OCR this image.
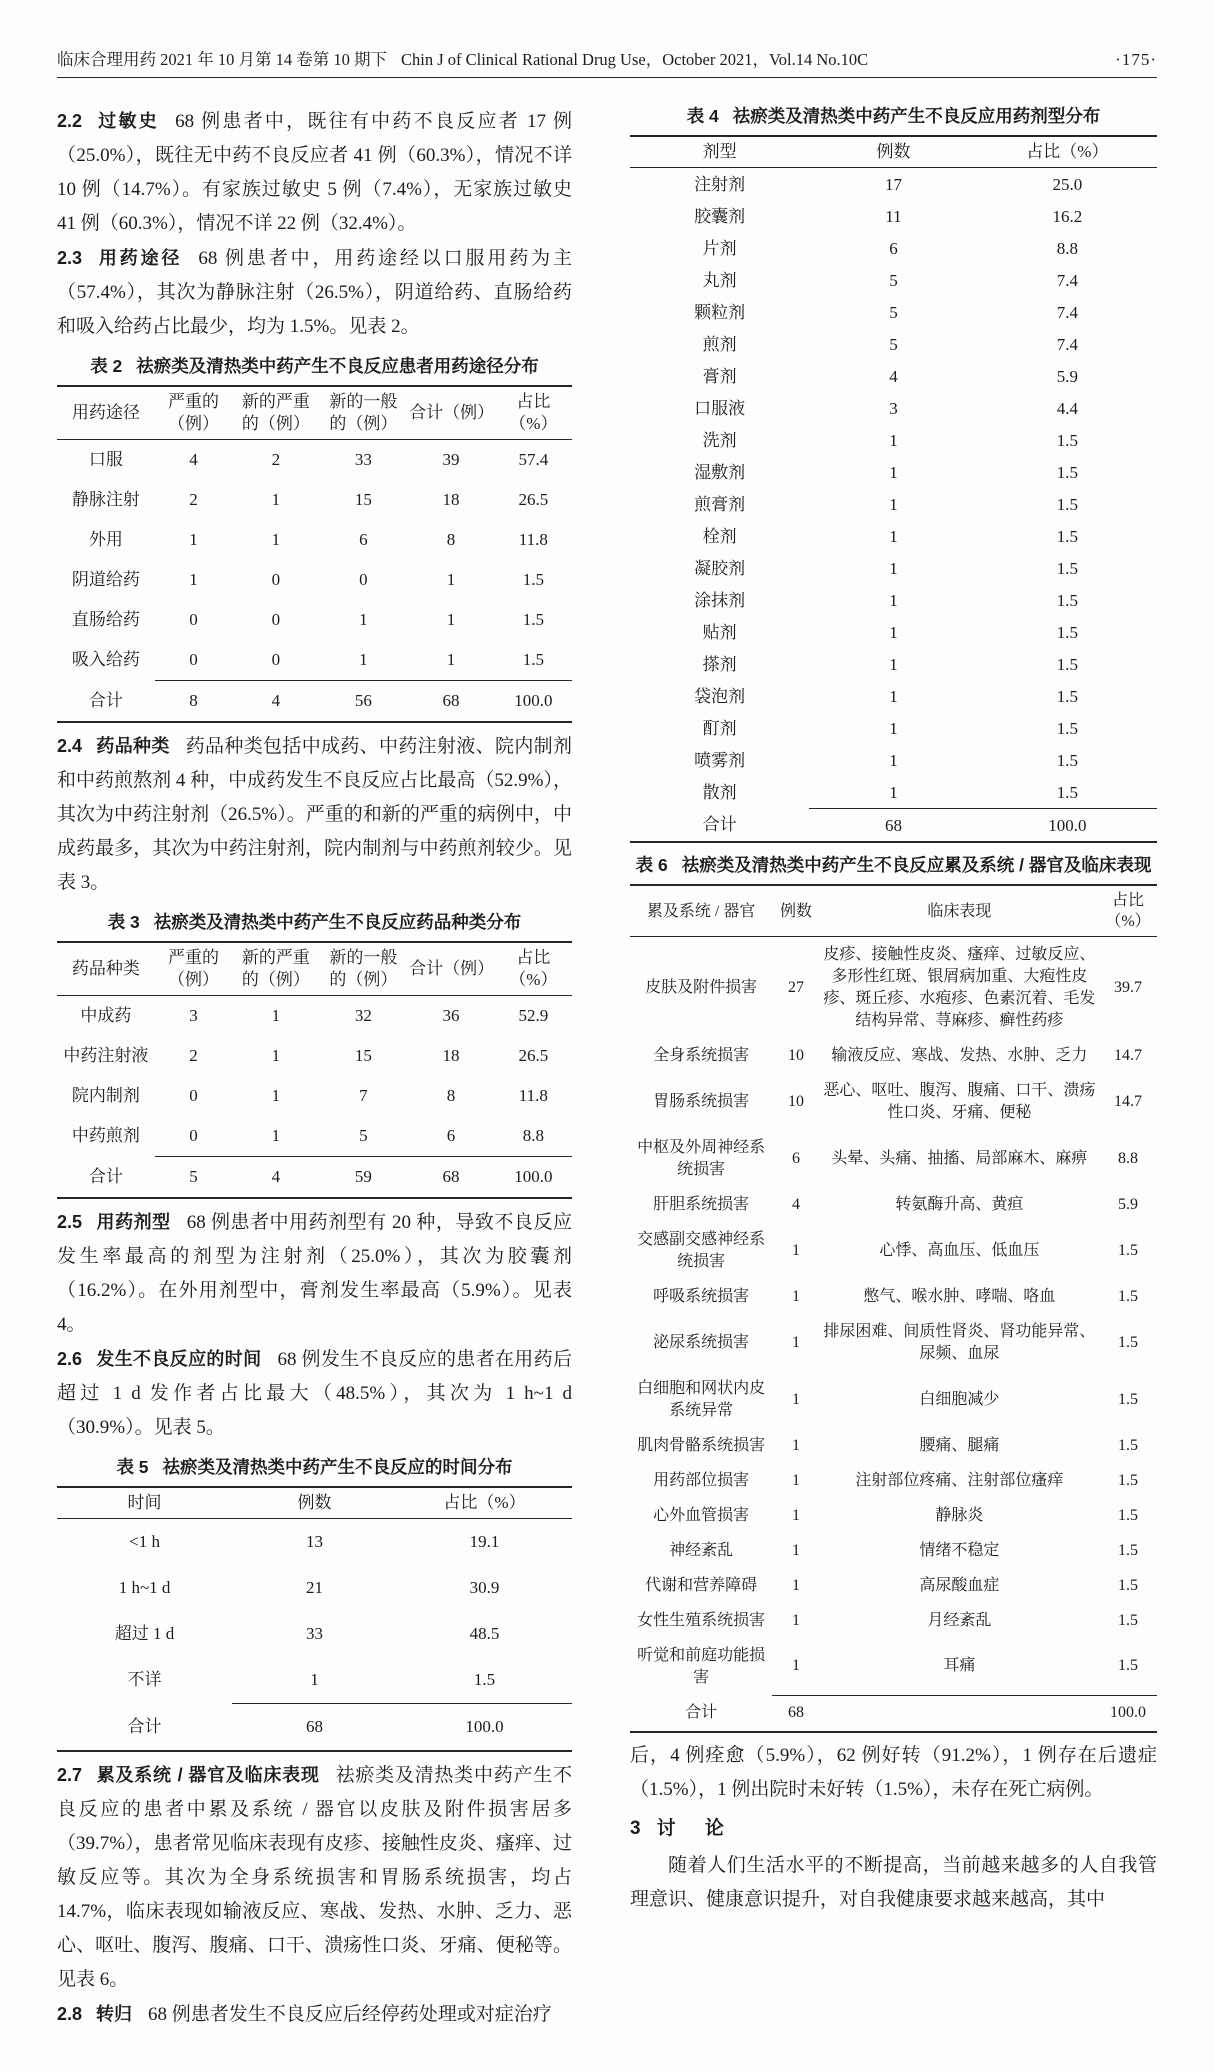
临床合理用药 2021 年 10 月第 14 卷第 10 期下 Chin J of Clinical Rational Drug Use，October 2021，Vol.14 No.10C	·175·

2.2 过敏史 68 例患者中，既往有中药不良反应者 17 例（25.0%），既往无中药不良反应者 41 例（60.3%），情况不详 10 例（14.7%）。有家族过敏史 5 例（7.4%），无家族过敏史 41 例（60.3%），情况不详 22 例（32.4%）。

2.3 用药途径 68 例患者中，用药途经以口服用药为主（57.4%），其次为静脉注射（26.5%），阴道给药、直肠给药和吸入给药占比最少，均为 1.5%。见表 2。

表 2 祛瘀类及清热类中药产生不良反应患者用药途径分布
用药途径	严重的 （例）	新的严重 的（例）	新的一般 的（例）	合计（例）	占比（%）
口服	4	2	33	39	57.4
静脉注射	2	1	15	18	26.5
外用	1	1	6	8	11.8
阴道给药	1	0	0	1	1.5
直肠给药	0	0	1	1	1.5
吸入给药	0	0	1	1	1.5
合计	8	4	56	68	100.0

2.4 药品种类 药品种类包括中成药、中药注射液、院内制剂和中药煎熬剂 4 种，中成药发生不良反应占比最高（52.9%），其次为中药注射剂（26.5%）。严重的和新的严重的病例中，中成药最多，其次为中药注射剂，院内制剂与中药煎剂较少。见表 3。

表 3 祛瘀类及清热类中药产生不良反应药品种类分布
药品种类	严重的 （例）	新的严重 的（例）	新的一般 的（例）	合计（例）	占比（%）
中成药	3	1	32	36	52.9
中药注射液	2	1	15	18	26.5
院内制剂	0	1	7	8	11.8
中药煎剂	0	1	5	6	8.8
合计	5	4	59	68	100.0

2.5 用药剂型 68 例患者中用药剂型有 20 种，导致不良反应发生率最高的剂型为注射剂（25.0%），其次为胶囊剂（16.2%）。在外用剂型中，膏剂发生率最高（5.9%）。见表 4。

2.6 发生不良反应的时间 68 例发生不良反应的患者在用药后超过 1 d 发作者占比最大（48.5%），其次为 1 h~1 d（30.9%）。见表 5。

表 5 祛瘀类及清热类中药产生不良反应的时间分布
时间	例数	占比（%）
<1 h	13	19.1
1 h~1 d	21	30.9
超过 1 d	33	48.5
不详	1	1.5
合计	68	100.0

2.7 累及系统 / 器官及临床表现 祛瘀类及清热类中药产生不良反应的患者中累及系统 / 器官以皮肤及附件损害居多（39.7%），患者常见临床表现有皮疹、接触性皮炎、瘙痒、过敏反应等。其次为全身系统损害和胃肠系统损害，均占 14.7%，临床表现如输液反应、寒战、发热、水肿、乏力、恶心、呕吐、腹泻、腹痛、口干、溃疡性口炎、牙痛、便秘等。见表 6。

2.8 转归 68 例患者发生不良反应后经停药处理或对症治疗

表 4 祛瘀类及清热类中药产生不良反应用药剂型分布
剂型	例数	占比（%）
注射剂	17	25.0
胶囊剂	11	16.2
片剂	6	8.8
丸剂	5	7.4
颗粒剂	5	7.4
煎剂	5	7.4
膏剂	4	5.9
口服液	3	4.4
洗剂	1	1.5
湿敷剂	1	1.5
煎膏剂	1	1.5
栓剂	1	1.5
凝胶剂	1	1.5
涂抹剂	1	1.5
贴剂	1	1.5
搽剂	1	1.5
袋泡剂	1	1.5
酊剂	1	1.5
喷雾剂	1	1.5
散剂	1	1.5
合计	68	100.0
表 6 祛瘀类及清热类中药产生不良反应累及系统 / 器官及临床表现
累及系统 / 器官	例数	临床表现	占比 （%）
皮肤及附件损害	27	皮疹、接触性皮炎、瘙痒、过敏反应、多形性红斑、银屑病加重、大疱性皮疹、斑丘疹、水疱疹、色素沉着、毛发结构异常、荨麻疹、癣性药疹	39.7
全身系统损害	10	输液反应、寒战、发热、水肿、乏力	14.7
胃肠系统损害	10	恶心、呕吐、腹泻、腹痛、口干、溃疡性口炎、牙痛、便秘	14.7
中枢及外周神经系统损害	6	头晕、头痛、抽搐、局部麻木、麻痹	8.8
肝胆系统损害	4	转氨酶升高、黄疸	5.9
交感副交感神经系统损害	1	心悸、高血压、低血压	1.5
呼吸系统损害	1	憋气、喉水肿、哮喘、咯血	1.5
泌尿系统损害	1	排尿困难、间质性肾炎、肾功能异常、尿频、血尿	1.5
白细胞和网状内皮系统异常	1	白细胞减少	1.5
肌肉骨骼系统损害	1	腰痛、腿痛	1.5
用药部位损害	1	注射部位疼痛、注射部位瘙痒	1.5
心外血管损害	1	静脉炎	1.5
神经紊乱	1	情绪不稳定	1.5
代谢和营养障碍	1	高尿酸血症	1.5
女性生殖系统损害	1	月经紊乱	1.5
听觉和前庭功能损害	1	耳痛	1.5
合计	68		100.0

后，4 例痊愈（5.9%），62 例好转（91.2%），1 例存在后遗症（1.5%），1 例出院时未好转（1.5%），未存在死亡病例。

3 讨 论

随着人们生活水平的不断提高，当前越来越多的人自我管理意识、健康意识提升，对自我健康要求越来越高，其中
